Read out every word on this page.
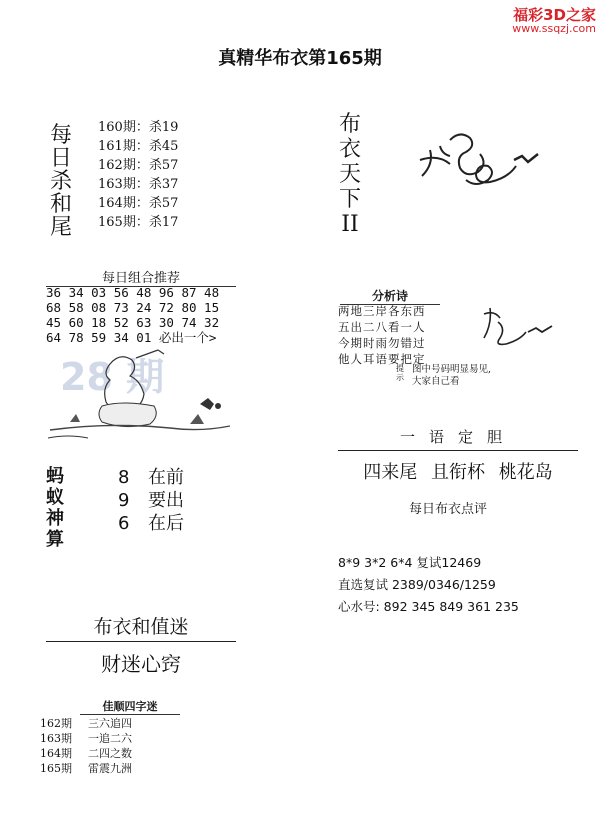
福彩3D之家
www.ssqzj.com
真精华布衣第165期
每
日
杀
和
尾
160期：杀19
161期：杀45
162期：杀57
163期：杀37
164期：杀57
165期：杀17
每日组合推荐
36 34 03 56 48 96 87 48
68 58 08 73 24 72 80 15
45 60 18 52 63 30 74 32
64 78 59 34 01 必出一个>
28 期
蚂
蚁
神
算
8 在前
9 要出
6 在后
布衣和值迷
财迷心窍
佳顺四字迷
162期 三六追四
163期 一追二六
164期 二四之数
165期 雷震九洲
布
衣
天
下
II
分析诗
两地三岸各东西
五出二八看一人
今期时雨勿错过
他人耳语要把定
提示
图中号码明显易见,
大家自己看
一语定胆
四来尾 且衔杯 桃花岛
每日布衣点评
8*9 3*2 6*4 复试12469
直选复试 2389/0346/1259
心水号: 892 345 849 361 235
